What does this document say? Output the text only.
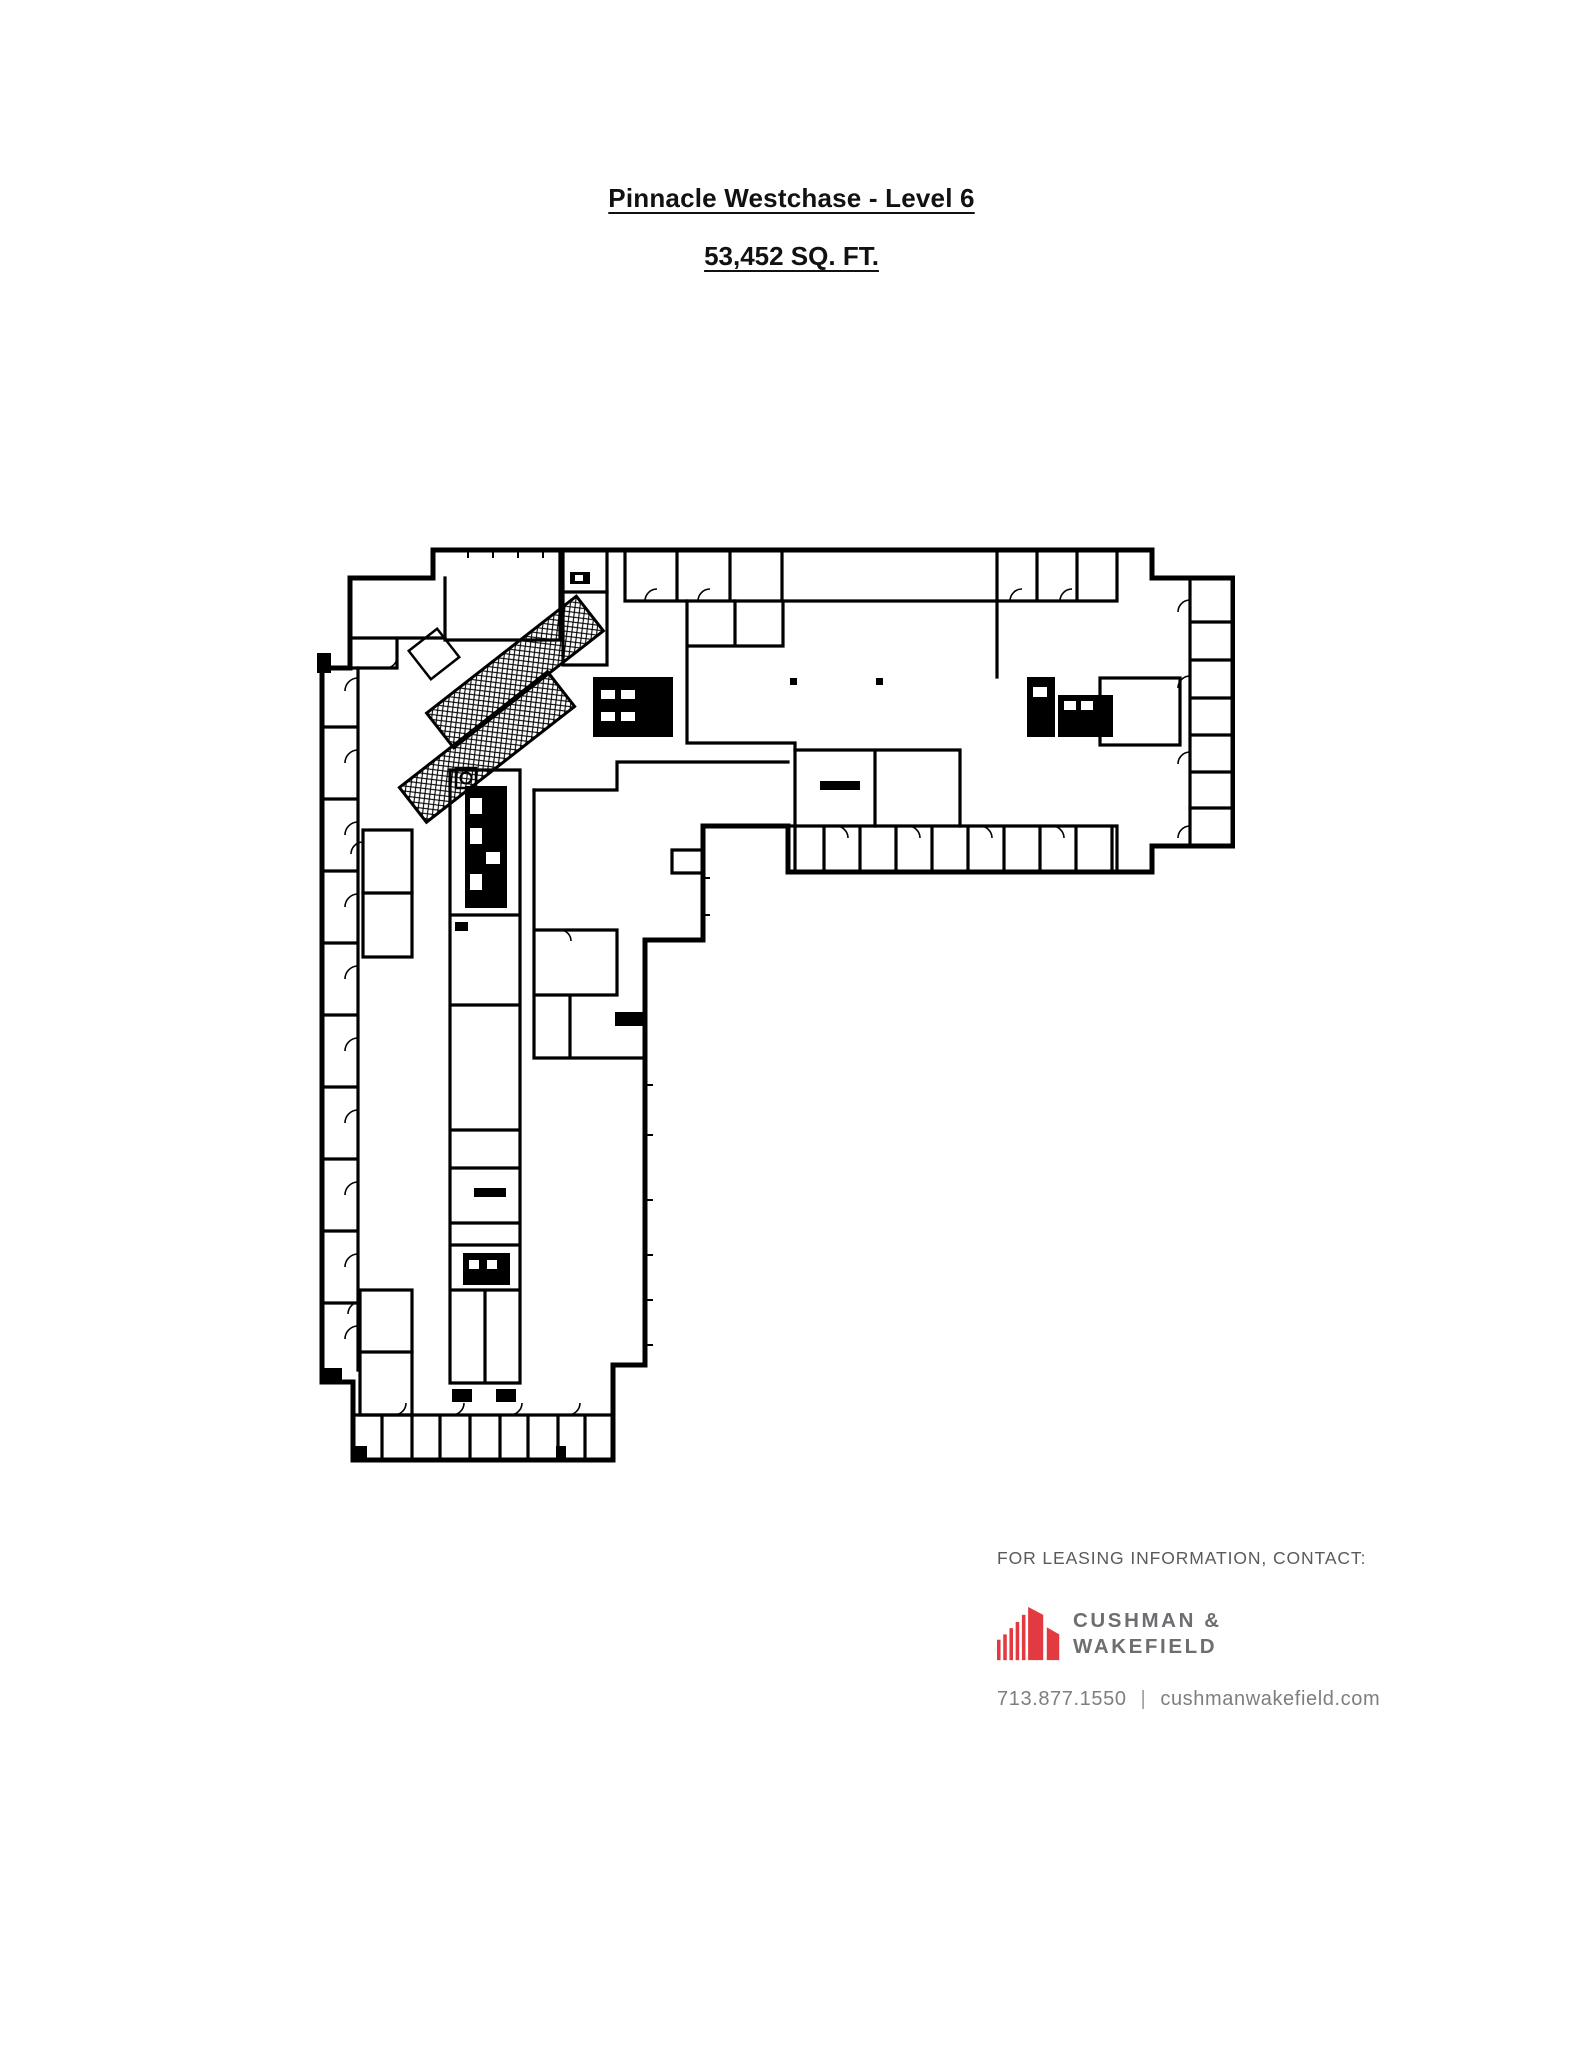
Pinnacle Westchase - Level 6
53,452 SQ. FT.
FOR LEASING INFORMATION, CONTACT:
CUSHMAN &
WAKEFIELD
713.877.1550 | cushmanwakefield.com
